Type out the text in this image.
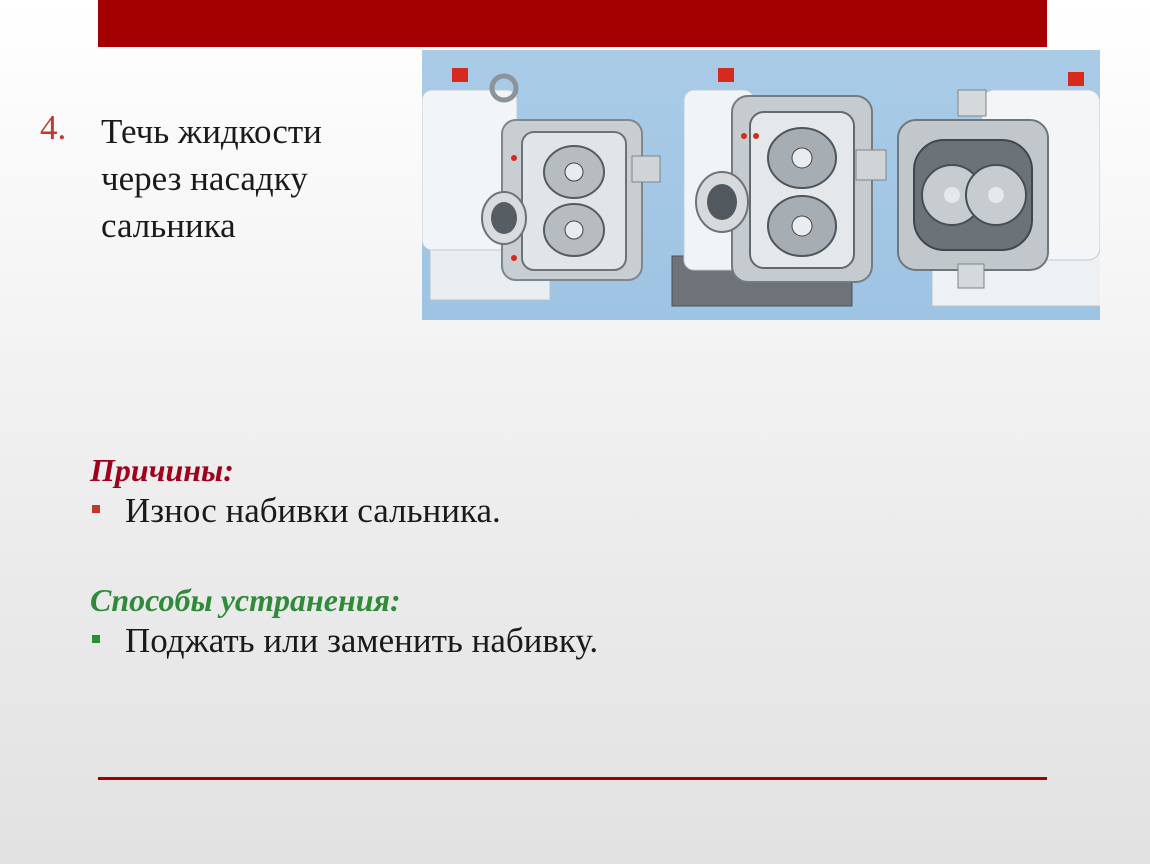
4. Течь жидкости
через насадку
сальника
Причины:
Износ набивки сальника.
Способы устранения:
Поджать или заменить набивку.
